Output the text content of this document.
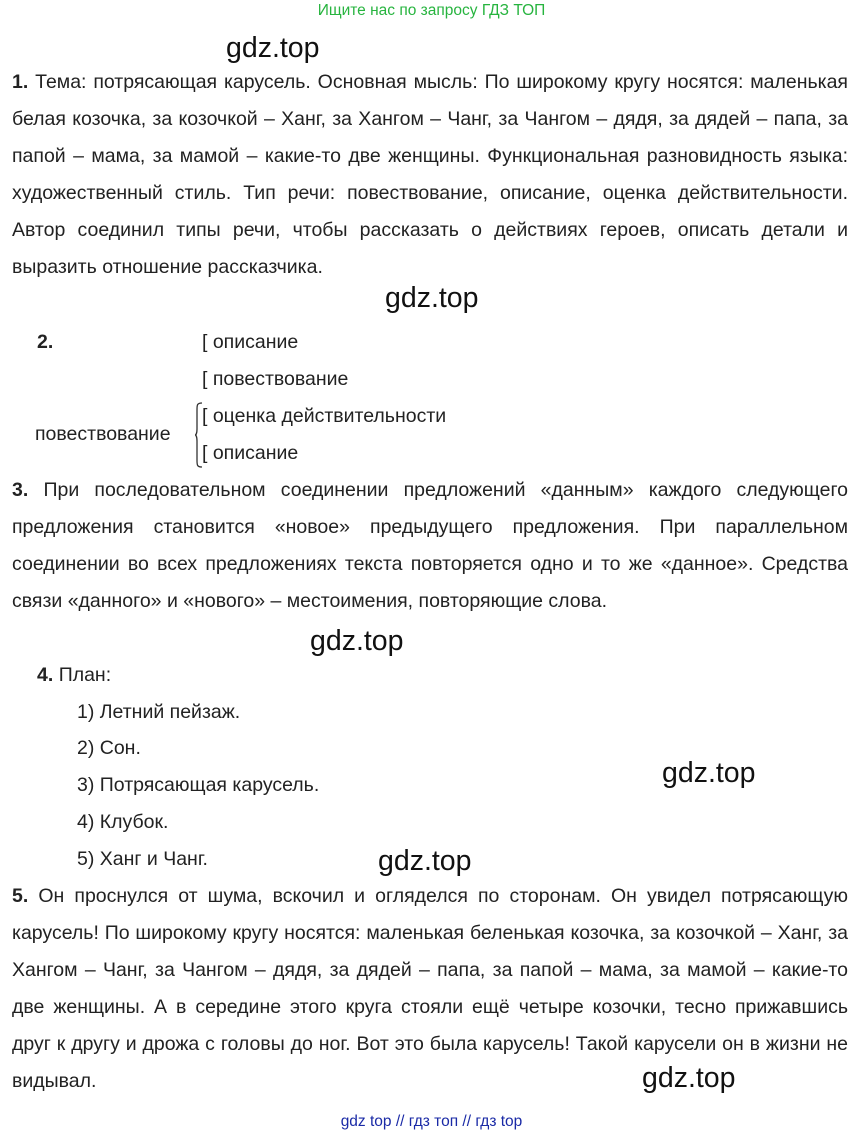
Ищите нас по запросу ГДЗ ТОП
gdz.top

1. Тема: потрясающая карусель. Основная мысль: По широкому кругу носятся: маленькая белая козочка, за козочкой – Ханг, за Хангом – Чанг, за Чангом – дядя, за дядей – папа, за папой – мама, за мамой – какие-то две женщины. Функциональная разновидность языка: художественный стиль. Тип речи: повествование, описание, оценка действительности. Автор соединил типы речи, чтобы рассказать о действиях героев, описать детали и выразить отношение рассказчика.

gdz.top
2.	[ описание
[ повествование
повествование
[ оценка действительности
[ описание

3. При последовательном соединении предложений «данным» каждого следующего предложения становится «новое» предыдущего предложения. При параллельном соединении во всех предложениях текста повторяется одно и то же «данное». Средства связи «данного» и «нового» – местоимения, повторяющие слова.

gdz.top
4. План:
1) Летний пейзаж.
2) Сон.
3) Потрясающая карусель.
4) Клубок.
5) Ханг и Чанг.
gdz.top
gdz.top

5. Он проснулся от шума, вскочил и огляделся по сторонам. Он увидел потрясающую карусель! По широкому кругу носятся: маленькая беленькая козочка, за козочкой – Ханг, за Хангом – Чанг, за Чангом – дядя, за дядей – папа, за папой – мама, за мамой – какие-то две женщины. А в середине этого круга стояли ещё четыре козочки, тесно прижавшись друг к другу и дрожа с головы до ног. Вот это была карусель! Такой карусели он в жизни не видывал.	gdz.top
gdz top // гдз топ // гдз top
